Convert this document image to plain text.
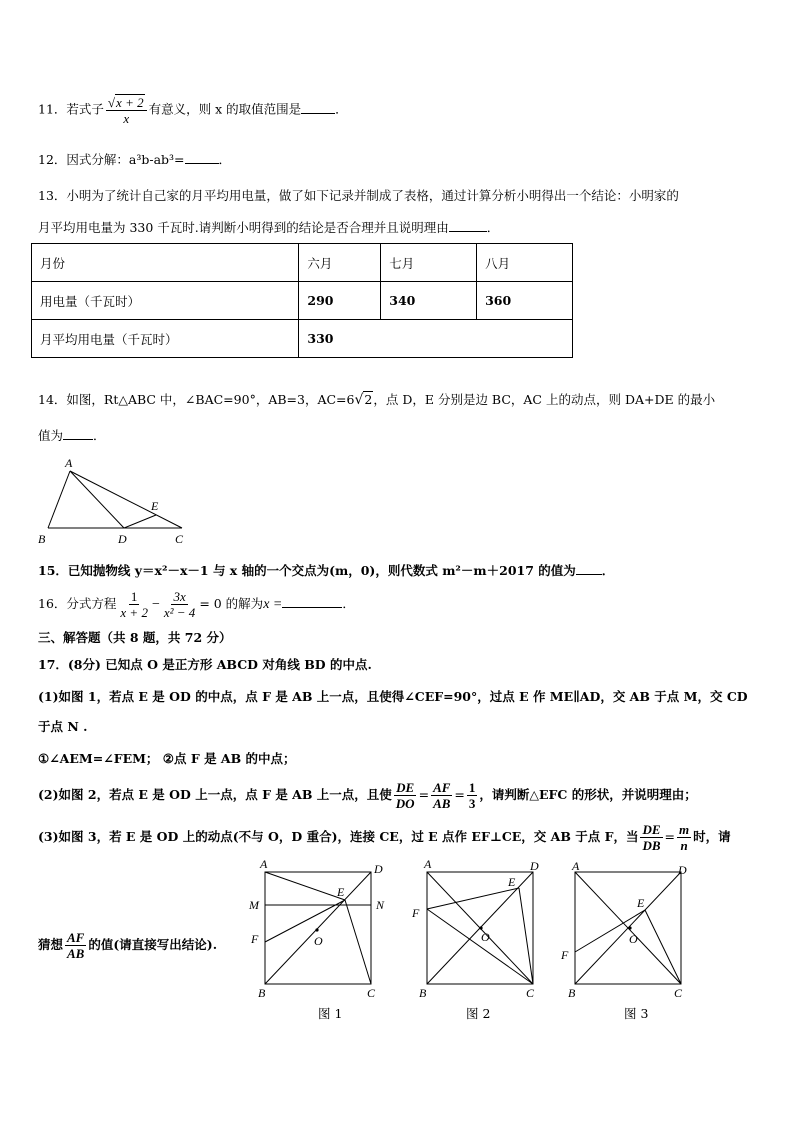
11．若式子 $\frac{√x + 2}{x}$ 有意义，则 x 的取值范围是	．
12．因式分解：a³b-ab³=	．
13．小明为了统计自己家的月平均用电量，做了如下记录并制成了表格，通过计算分析小明得出一个结论：小明家的
月平均用电量为 330 千瓦时.请判断小明得到的结论是否合理并且说明理由	．
月份	六月	七月	八月
用电量（千瓦时）	290	340	360
月平均用电量（千瓦时）	330		
14．如图，Rt△ABC 中，∠BAC=90°，AB=3，AC=6√2，点 D，E 分别是边 BC，AC 上的动点，则 DA+DE 的最小
值为 ．
A
B	D	C
E
15．已知抛物线 y＝x²－x－1 与 x 轴的一个交点为(m，0)，则代数式 m²－m＋2017 的值为 ．
16．分式方程 $\frac{1}{x + 2} - \frac{3x}{\text{x² − 4}} = 0$ 的解为x =	．
三、解答题（共 8 题，共 72 分）
17．(8分) 已知点 O 是正方形 ABCD 对角线 BD 的中点.
(1)如图 1，若点 E 是 OD 的中点，点 F 是 AB 上一点，且使得∠CEF=90°，过点 E 作 ME∥AD，交 AB 于点 M，交 CD
于点 N .
①∠AEM=∠FEM； ②点 F 是 AB 的中点；
(2)如图 2，若点 E 是 OD 上一点，点 F 是 AB 上一点，且使 $\frac{DE}{DO} = \frac{AF}{AB} = \frac{1}{3}$ ，请判断△EFC 的形状，并说明理由；
(3)如图 3，若 E 是 OD 上的动点(不与 O，D 重合)，连接 CE，过 E 点作 EF⊥CE，交 AB 于点 F，当 $\frac{DE}{DB} = \frac{m}{n}$ 时，请
猜想 $\frac{AF}{AB}$ 的值(请直接写出结论).
A	D
E
M	N
F	O
B	C
图 1
A	D
E
F
O
B	C
图 2
A	D
E
O
F
B	C
图 3
